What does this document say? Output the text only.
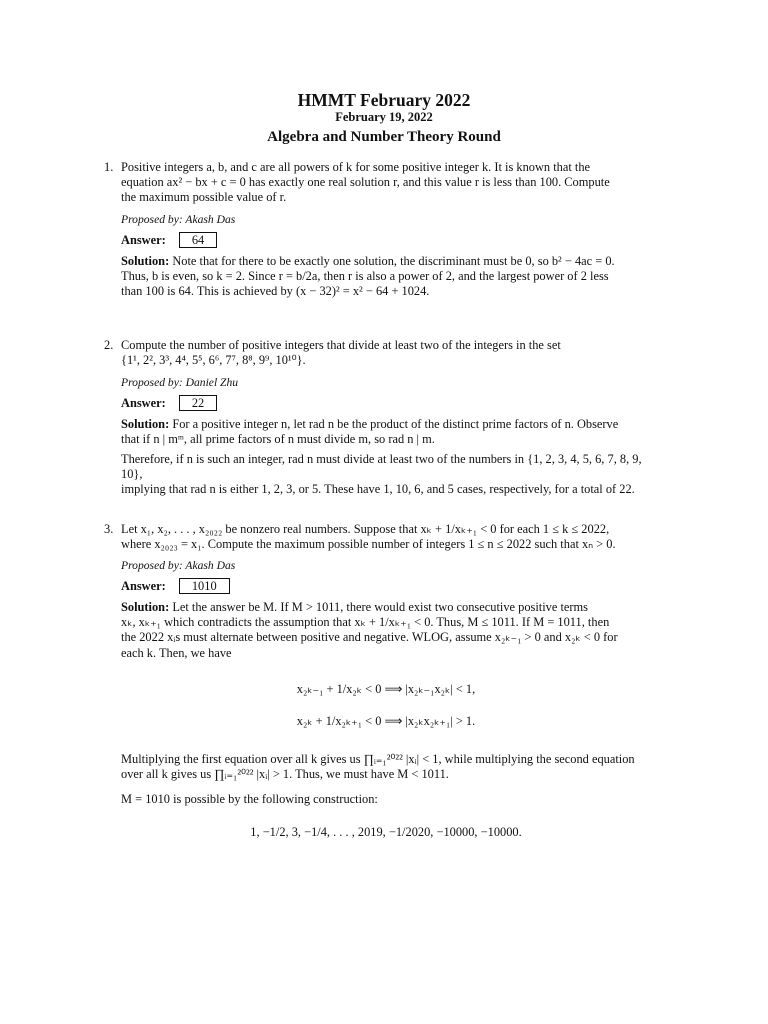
HMMT February 2022
February 19, 2022
Algebra and Number Theory Round
1. Positive integers a, b, and c are all powers of k for some positive integer k. It is known that the
equation ax² − bx + c = 0 has exactly one real solution r, and this value r is less than 100. Compute
the maximum possible value of r.
Proposed by: Akash Das
Answer: 64
Solution: Note that for there to be exactly one solution, the discriminant must be 0, so b² − 4ac = 0.
Thus, b is even, so k = 2. Since r = b/2a, then r is also a power of 2, and the largest power of 2 less
than 100 is 64. This is achieved by (x − 32)² = x² − 64 + 1024.
2. Compute the number of positive integers that divide at least two of the integers in the set
{1¹, 2², 3³, 4⁴, 5⁵, 6⁶, 7⁷, 8⁸, 9⁹, 10¹⁰}.
Proposed by: Daniel Zhu
Answer: 22
Solution: For a positive integer n, let rad n be the product of the distinct prime factors of n. Observe
that if n | mᵐ, all prime factors of n must divide m, so rad n | m.
Therefore, if n is such an integer, rad n must divide at least two of the numbers in {1, 2, 3, 4, 5, 6, 7, 8, 9, 10},
implying that rad n is either 1, 2, 3, or 5. These have 1, 10, 6, and 5 cases, respectively, for a total of 22.
3. Let x₁, x₂, . . . , x₂₀₂₂ be nonzero real numbers. Suppose that xₖ + 1/xₖ₊₁ < 0 for each 1 ≤ k ≤ 2022,
where x₂₀₂₃ = x₁. Compute the maximum possible number of integers 1 ≤ n ≤ 2022 such that xₙ > 0.
Proposed by: Akash Das
Answer: 1010
Solution: Let the answer be M. If M > 1011, there would exist two consecutive positive terms
xₖ, xₖ₊₁ which contradicts the assumption that xₖ + 1/xₖ₊₁ < 0. Thus, M ≤ 1011. If M = 1011, then
the 2022 xᵢs must alternate between positive and negative. WLOG, assume x₂ₖ₋₁ > 0 and x₂ₖ < 0 for
each k. Then, we have
x₂ₖ₋₁ + 1/x₂ₖ < 0 ⟹ |x₂ₖ₋₁x₂ₖ| < 1,
x₂ₖ + 1/x₂ₖ₊₁ < 0 ⟹ |x₂ₖx₂ₖ₊₁| > 1.
Multiplying the first equation over all k gives us ∏ᵢ₌₁²⁰²² |xᵢ| < 1, while multiplying the second equation
over all k gives us ∏ᵢ₌₁²⁰²² |xᵢ| > 1. Thus, we must have M < 1011.
M = 1010 is possible by the following construction:
1, −1/2, 3, −1/4, . . . , 2019, −1/2020, −10000, −10000.
